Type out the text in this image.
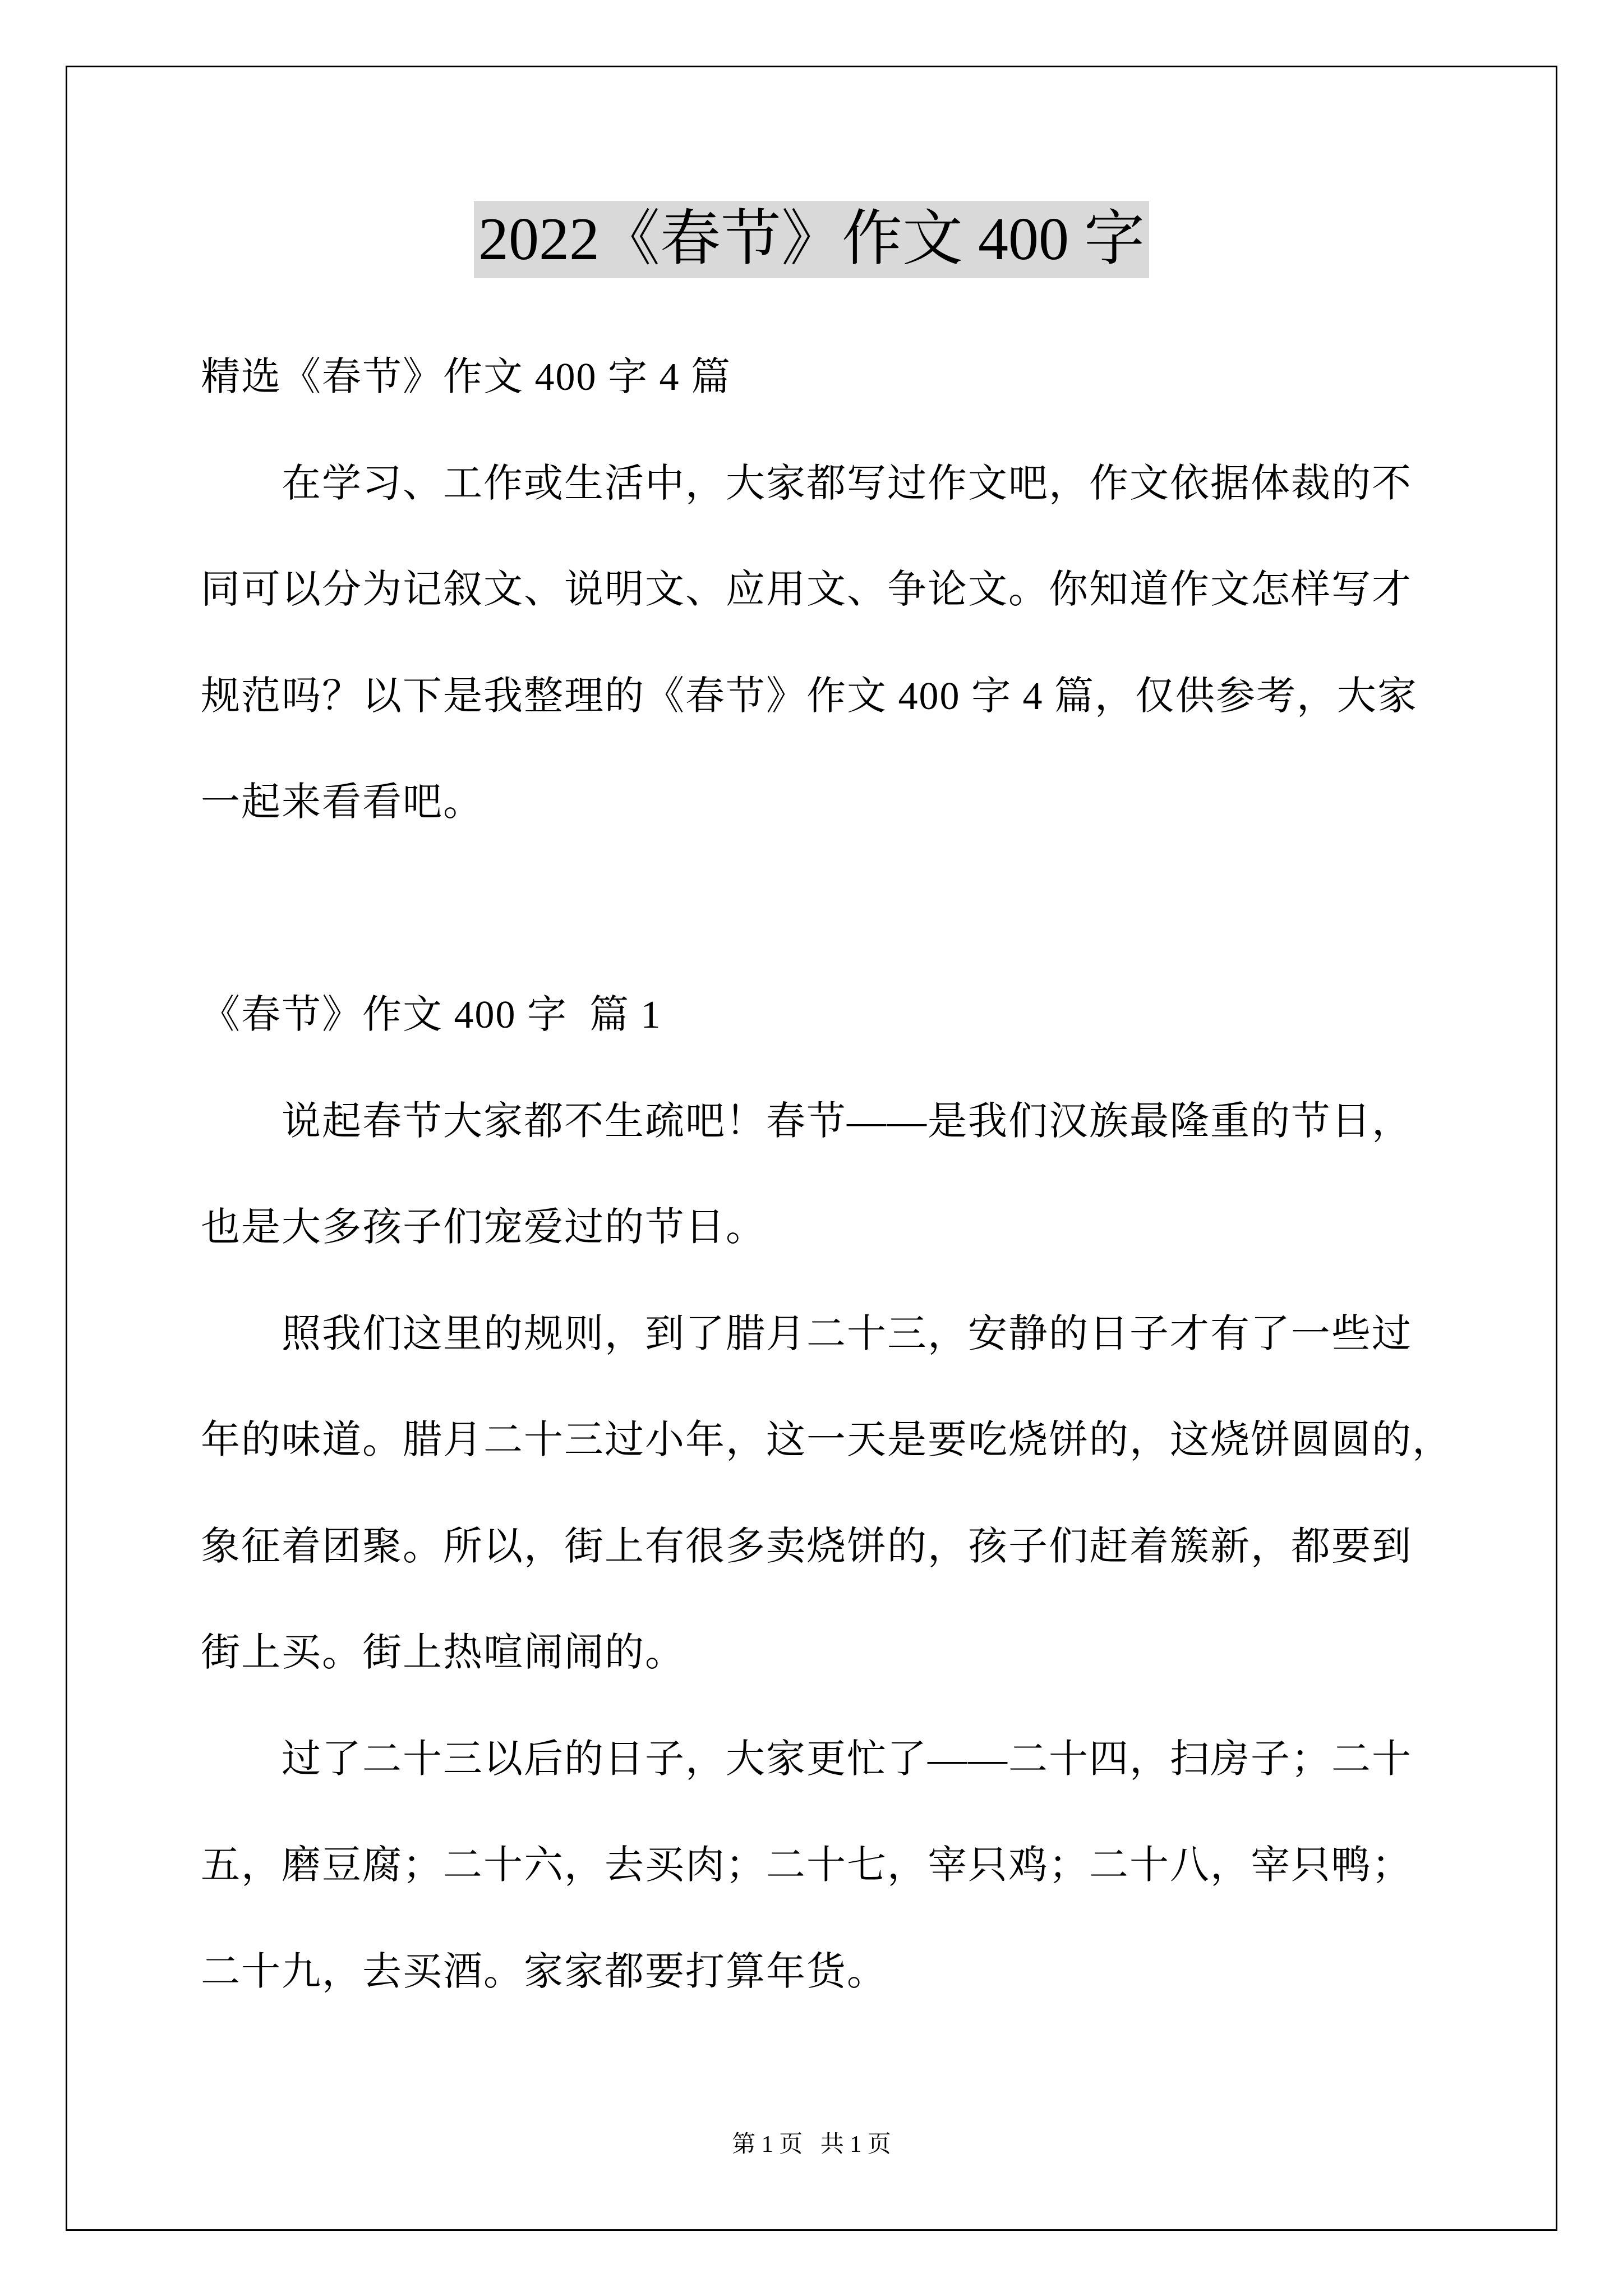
2022《春节》作文 400 字
精选《春节》作文 400 字 4 篇
在学习、工作或生活中，大家都写过作文吧，作文依据体裁的不
同可以分为记叙文、说明文、应用文、争论文。你知道作文怎样写才
规范吗？以下是我整理的《春节》作文 400 字 4 篇，仅供参考，大家
一起来看看吧。
《春节》作文 400 字  篇 1
说起春节大家都不生疏吧！春节——是我们汉族最隆重的节日，
也是大多孩子们宠爱过的节日。
照我们这里的规则，到了腊月二十三，安静的日子才有了一些过
年的味道。腊月二十三过小年，这一天是要吃烧饼的，这烧饼圆圆的，
象征着团聚。所以，街上有很多卖烧饼的，孩子们赶着簇新，都要到
街上买。街上热喧闹闹的。
过了二十三以后的日子，大家更忙了——二十四，扫房子；二十
五，磨豆腐；二十六，去买肉；二十七，宰只鸡；二十八，宰只鸭；
二十九，去买酒。家家都要打算年货。
第 1 页   共 1 页
